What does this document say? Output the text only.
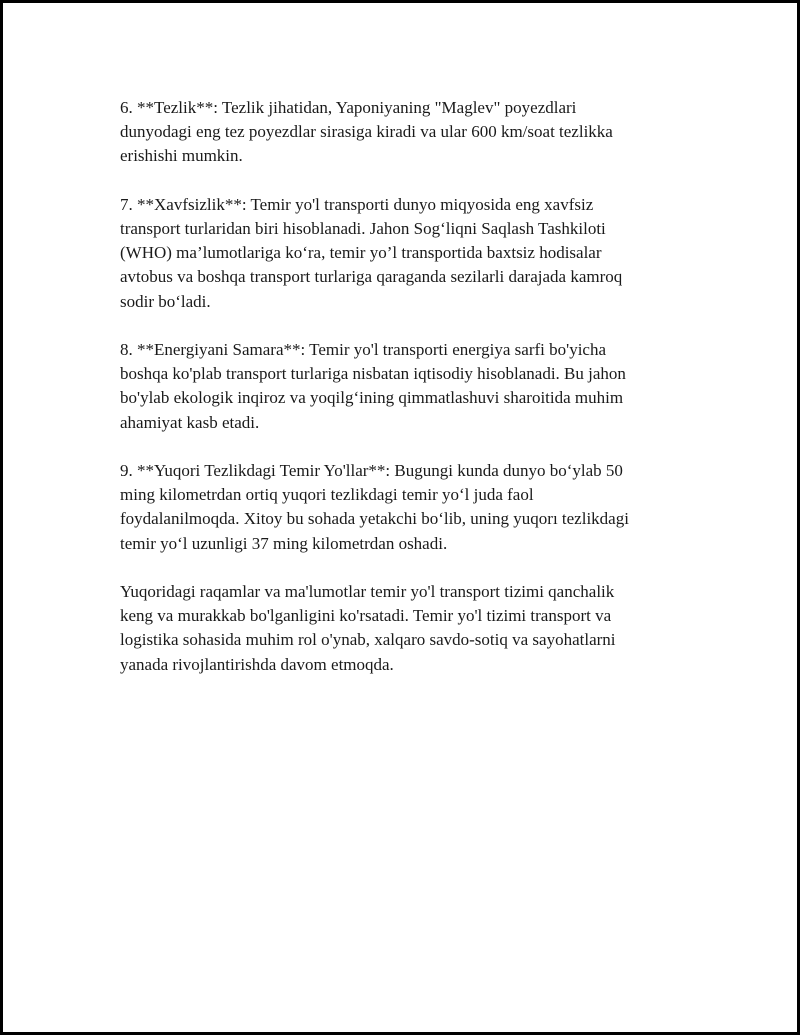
6. **Tezlik**: Tezlik jihatidan, Yaponiyaning "Maglev" poyezdlari
dunyodagi eng tez poyezdlar sirasiga kiradi va ular 600 km/soat tezlikka
erishishi mumkin.

7. **Xavfsizlik**: Temir yo'l transporti dunyo miqyosida eng xavfsiz
transport turlaridan biri hisoblanadi. Jahon Sog‘liqni Saqlash Tashkiloti
(WHO) ma’lumotlariga ko‘ra, temir yo’l transportida baxtsiz hodisalar
avtobus va boshqa transport turlariga qaraganda sezilarli darajada kamroq
sodir bo‘ladi.

8. **Energiyani Samara**: Temir yo'l transporti energiya sarfi bo'yicha
boshqa ko'plab transport turlariga nisbatan iqtisodiy hisoblanadi. Bu jahon
bo'ylab ekologik inqiroz va yoqilg‘ining qimmatlashuvi sharoitida muhim
ahamiyat kasb etadi.

9. **Yuqori Tezlikdagi Temir Yo'llar**: Bugungi kunda dunyo bo‘ylab 50
ming kilometrdan ortiq yuqori tezlikdagi temir yo‘l juda faol
foydalanilmoqda. Xitoy bu sohada yetakchi bo‘lib, uning yuqorı tezlikdagi
temir yo‘l uzunligi 37 ming kilometrdan oshadi.

Yuqoridagi raqamlar va ma'lumotlar temir yo'l transport tizimi qanchalik
keng va murakkab bo'lganligini ko'rsatadi. Temir yo'l tizimi transport va
logistika sohasida muhim rol o'ynab, xalqaro savdo-sotiq va sayohatlarni
yanada rivojlantirishda davom etmoqda.
